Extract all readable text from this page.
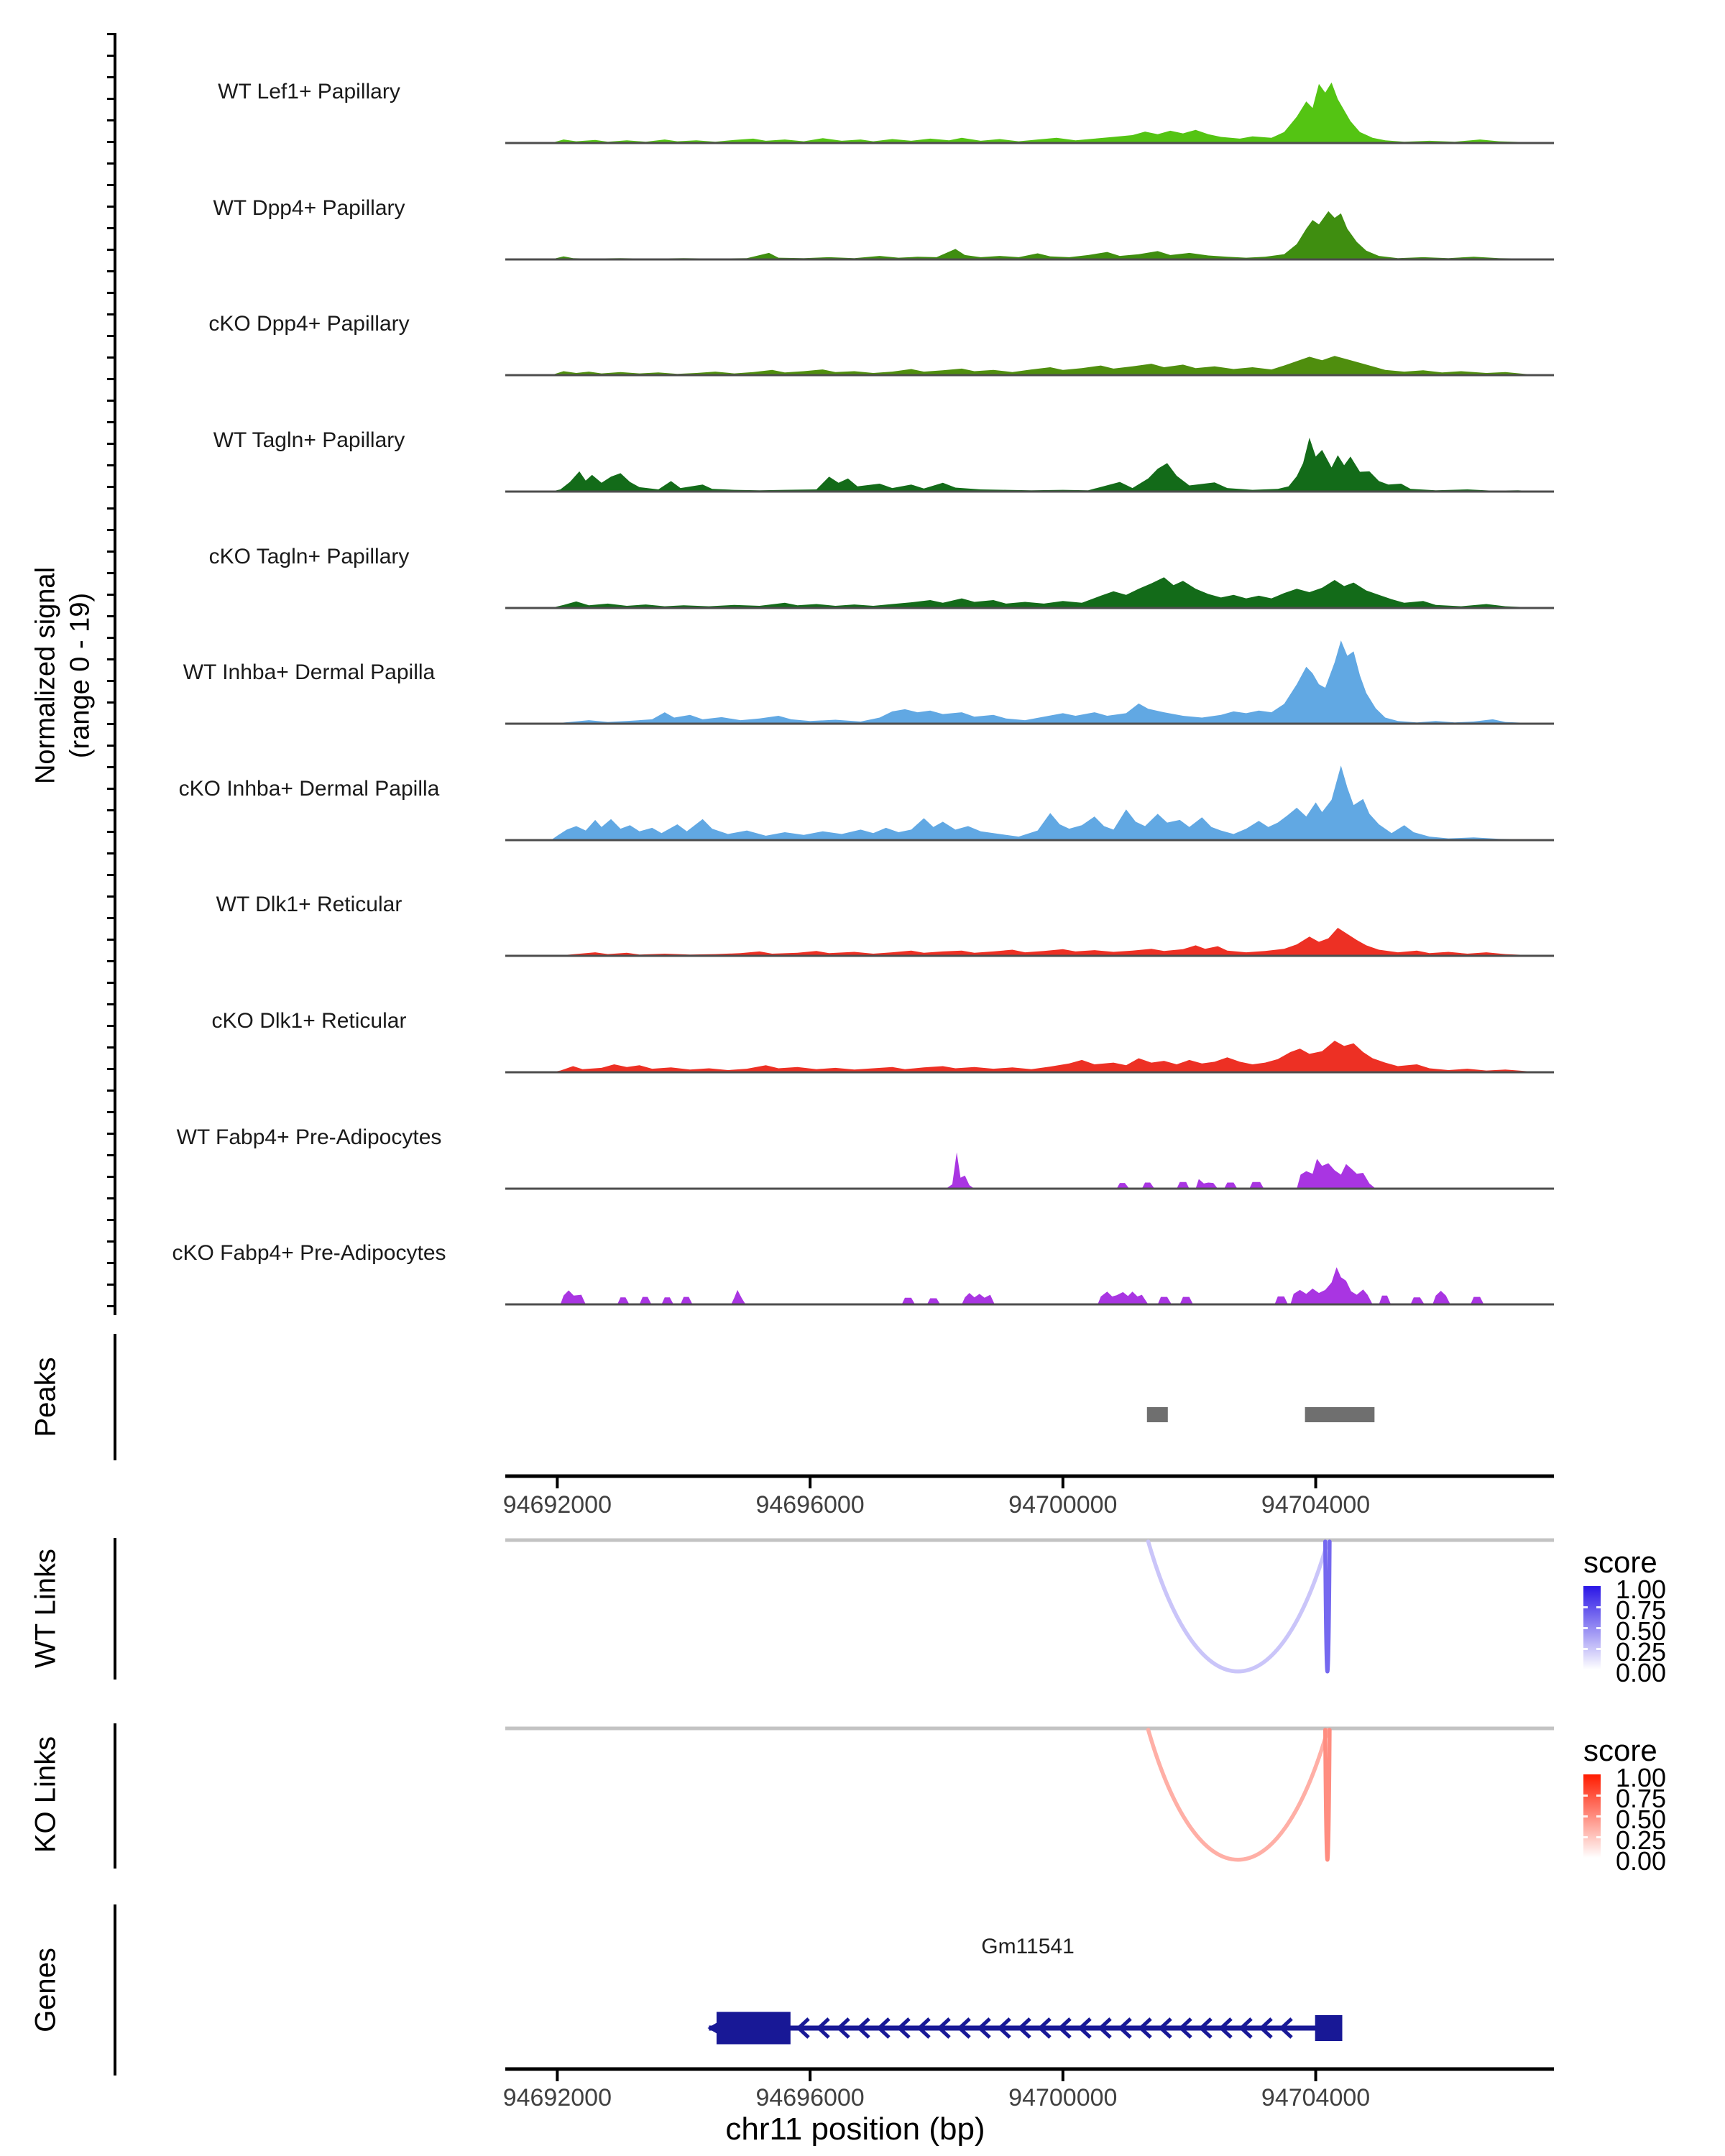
Normalized signal (range 0 - 19)
Peaks
WT Links
KO Links
Genes
WT Lef1+ Papillary
WT Dpp4+ Papillary
cKO Dpp4+ Papillary
WT Tagln+ Papillary
cKO Tagln+ Papillary
WT Inhba+ Dermal Papilla
cKO Inhba+ Dermal Papilla
WT Dlk1+ Reticular
cKO Dlk1+ Reticular
WT Fabp4+ Pre-Adipocytes
cKO Fabp4+ Pre-Adipocytes
94692000	94696000	94700000	94704000
94692000	94696000	94700000	94704000
chr11 position (bp)
Gm11541
score
1.00
0.75
0.50
0.25
0.00
score
1.00
0.75
0.50
0.25
0.00
